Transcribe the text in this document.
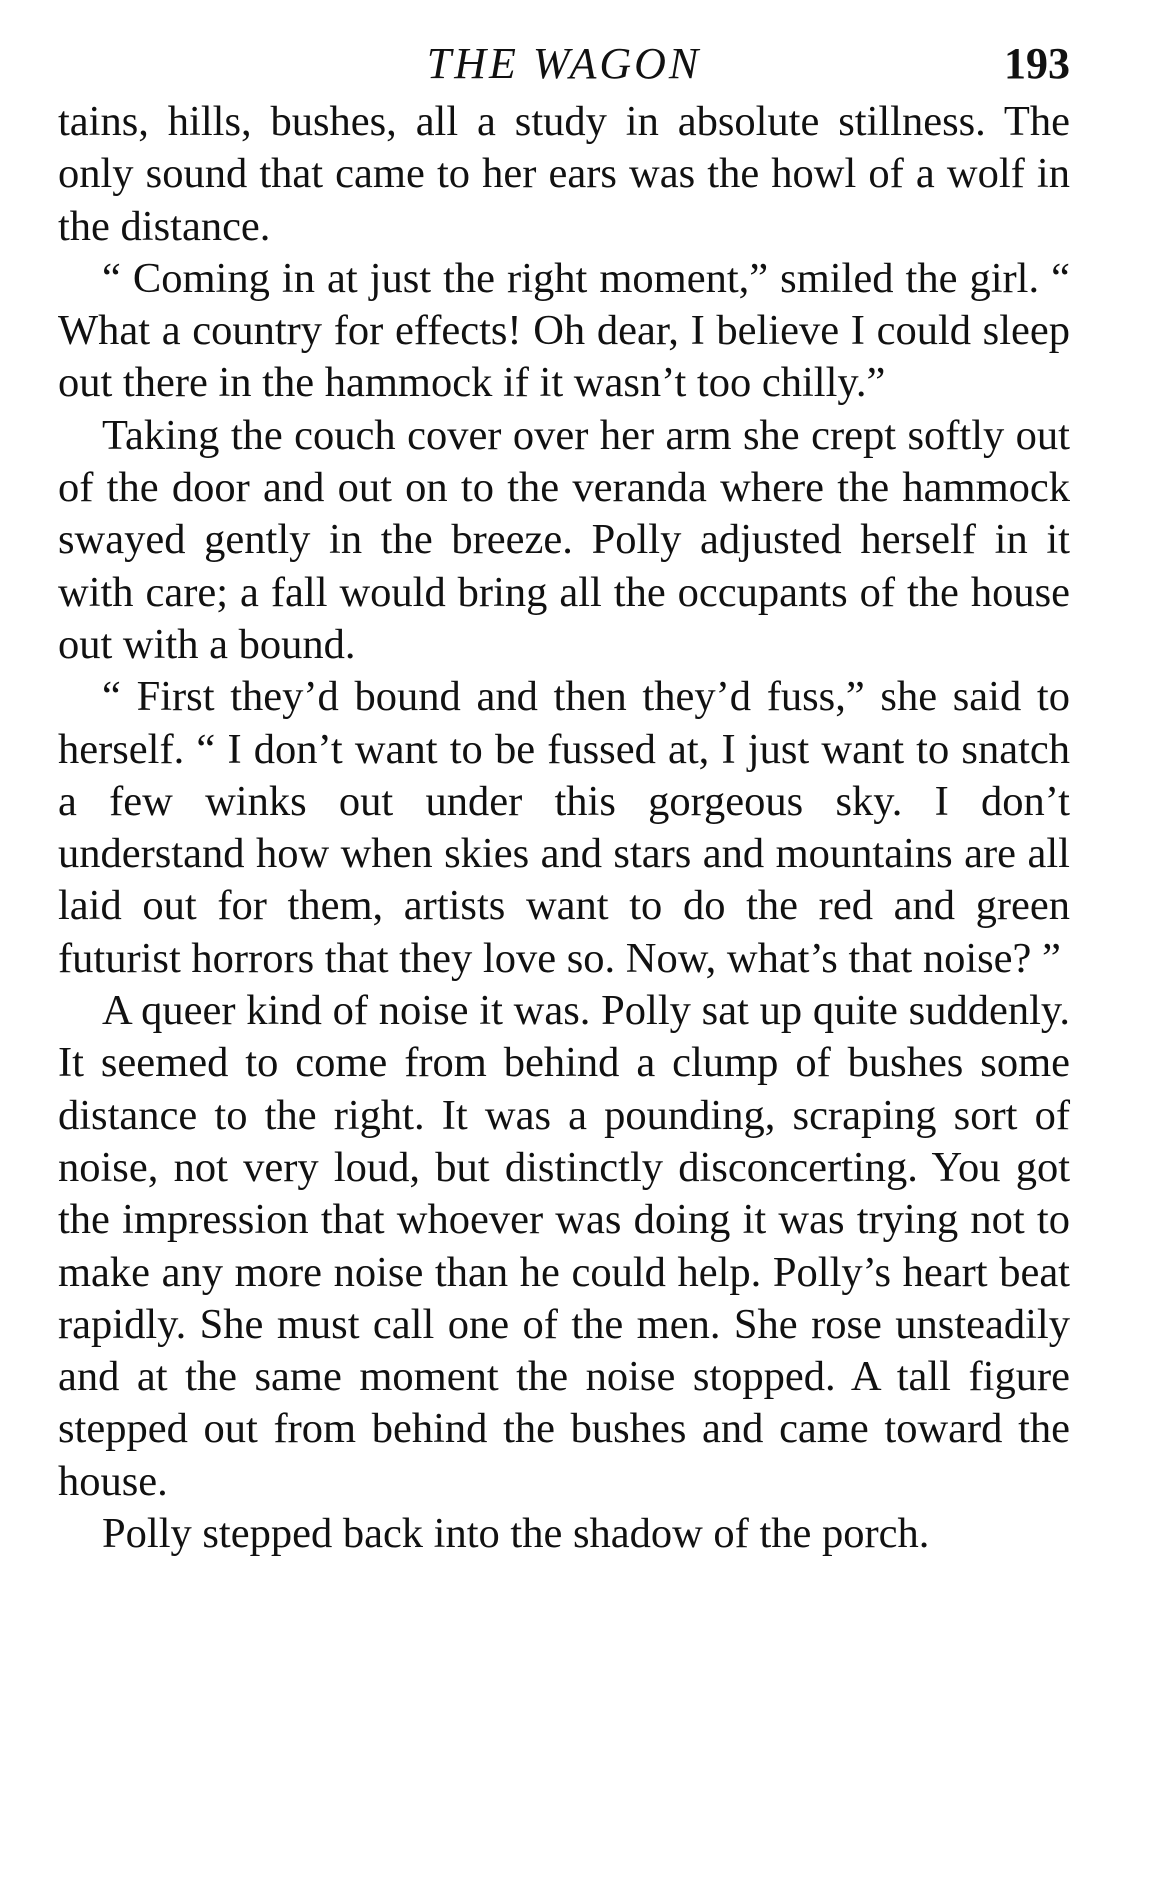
THE WAGON	193

tains, hills, bushes, all a study in absolute stillness. The only sound that came to her ears was the howl of a wolf in the distance.

“ Coming in at just the right moment,” smiled the girl. “ What a country for effects! Oh dear, I believe I could sleep out there in the hammock if it wasn’t too chilly.”

Taking the couch cover over her arm she crept softly out of the door and out on to the veranda where the hammock swayed gently in the breeze. Polly adjusted herself in it with care; a fall would bring all the occupants of the house out with a bound.

“ First they’d bound and then they’d fuss,” she said to herself. “ I don’t want to be fussed at, I just want to snatch a few winks out under this gorgeous sky. I don’t understand how when skies and stars and mountains are all laid out for them, artists want to do the red and green futurist horrors that they love so. Now, what’s that noise? ”

A queer kind of noise it was. Polly sat up quite suddenly. It seemed to come from behind a clump of bushes some distance to the right. It was a pounding, scraping sort of noise, not very loud, but distinctly disconcerting. You got the impression that whoever was doing it was trying not to make any more noise than he could help. Polly’s heart beat rapidly. She must call one of the men. She rose unsteadily and at the same moment the noise stopped. A tall figure stepped out from behind the bushes and came toward the house.

Polly stepped back into the shadow of the porch.
